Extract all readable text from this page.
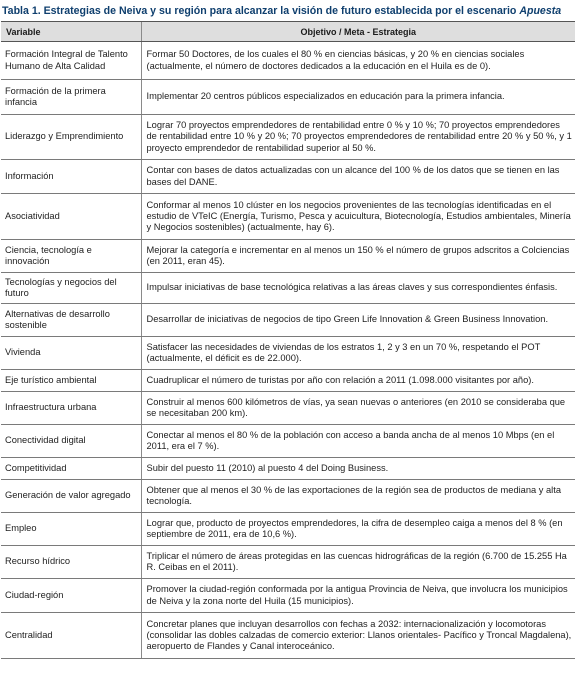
Tabla 1. Estrategias de Neiva y su región para alcanzar la visión de futuro establecida por el escenario Apuesta
Variable	Objetivo / Meta - Estrategia
Formación Integral de Talento Humano de Alta Calidad	Formar 50 Doctores, de los cuales el 80 % en ciencias básicas, y 20 % en ciencias sociales (actualmente, el número de doctores dedicados a la educación en el Huila es de 0).
Formación de la primera infancia	Implementar 20 centros públicos especializados en educación para la primera infancia.
Liderazgo y Emprendimiento	Lograr 70 proyectos emprendedores de rentabilidad entre 0 % y 10 %; 70 proyectos emprendedores de rentabilidad entre 10 % y 20 %; 70 proyectos emprendedores de rentabilidad entre 20 % y 50 %, y 1 proyecto emprendedor de rentabilidad superior al 50 %.
Información	Contar con bases de datos actualizadas con un alcance del 100 % de los datos que se tienen en las bases del DANE.
Asociatividad	Conformar al menos 10 clúster en los negocios provenientes de las tecnologías identificadas en el estudio de VTeIC (Energía, Turismo, Pesca y acuicultura, Biotecnología, Estudios ambientales, Minería y Negocios sostenibles) (actualmente, hay 6).
Ciencia, tecnología e innovación	Mejorar la categoría e incrementar en al menos un 150 % el número de grupos adscritos a Colciencias (en 2011, eran 45).
Tecnologías y negocios del futuro	Impulsar iniciativas de base tecnológica relativas a las áreas claves y sus correspondientes énfasis.
Alternativas de desarrollo sostenible	Desarrollar de iniciativas de negocios de tipo Green Life Innovation & Green Business Innovation.
Vivienda	Satisfacer las necesidades de viviendas de los estratos 1, 2 y 3 en un 70 %, respetando el POT (actualmente, el déficit es de 22.000).
Eje turístico ambiental	Cuadruplicar el número de turistas por año con relación a 2011 (1.098.000 visitantes por año).
Infraestructura urbana	Construir al menos 600 kilómetros de vías, ya sean nuevas o anteriores (en 2010 se consideraba que se necesitaban 200 km).
Conectividad digital	Conectar al menos el 80 % de la población con acceso a banda ancha de al menos 10 Mbps (en el 2011, era el 7 %).
Competitividad	Subir del puesto 11 (2010) al puesto 4 del Doing Business.
Generación de valor agregado	Obtener que al menos el 30 % de las exportaciones de la región sea de productos de mediana y alta tecnología.
Empleo	Lograr que, producto de proyectos emprendedores, la cifra de desempleo caiga a menos del 8 % (en septiembre de 2011, era de 10,6 %).
Recurso hídrico	Triplicar el número de áreas protegidas en las cuencas hidrográficas de la región (6.700 de 15.255 Ha R. Ceibas en el 2011).
Ciudad-región	Promover la ciudad-región conformada por la antigua Provincia de Neiva, que involucra los municipios de Neiva y la zona norte del Huila (15 municipios).
Centralidad	Concretar planes que incluyan desarrollos con fechas a 2032: internacionalización y locomotoras (consolidar las dobles calzadas de comercio exterior: Llanos orientales- Pacífico y Troncal Magdalena), aeropuerto de Flandes y Canal interoceánico.
